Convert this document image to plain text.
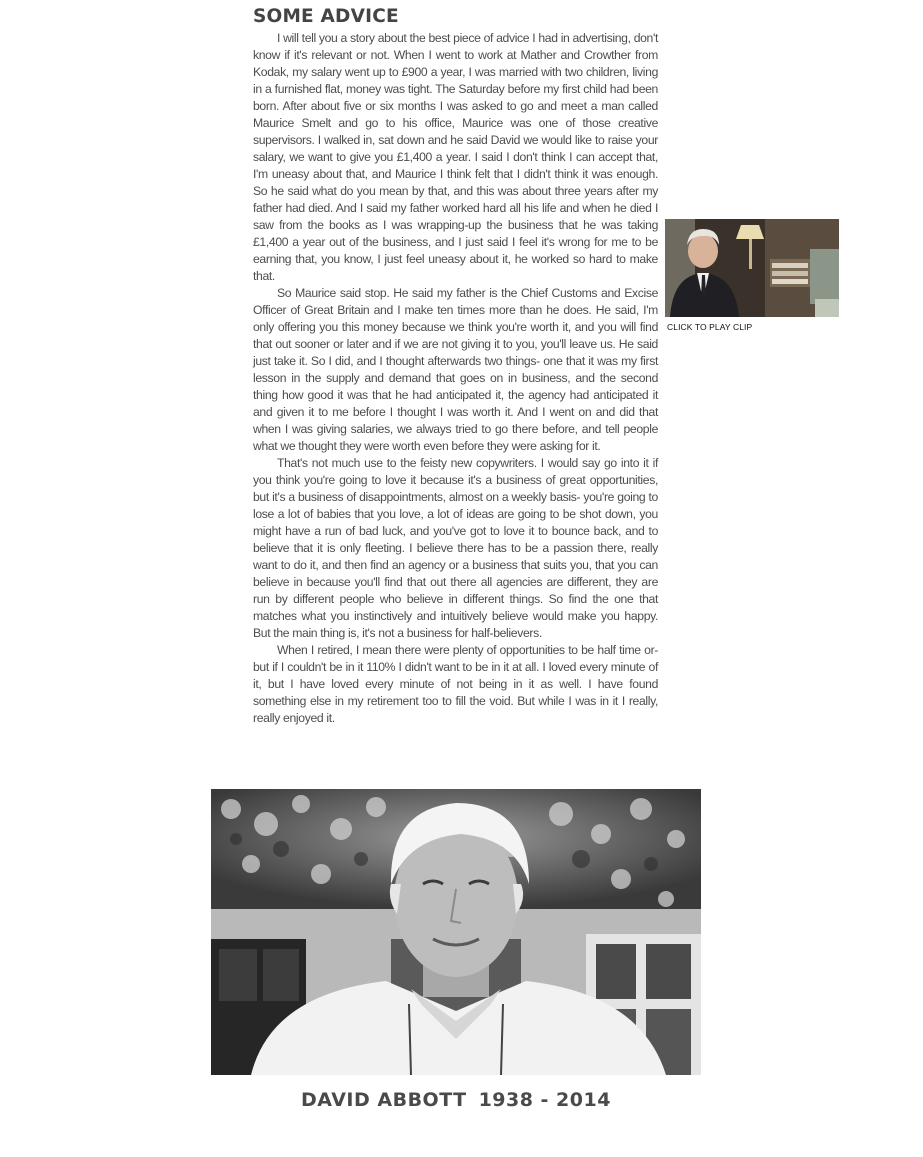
SOME ADVICE

I will tell you a story about the best piece of advice I had in advertising, don't know if it's relevant or not. When I went to work at Mather and Crowther from Kodak, my salary went up to £900 a year, I was married with two children, living in a furnished flat, money was tight. The Saturday before my first child had been born. After about five or six months I was asked to go and meet a man called Maurice Smelt and go to his office, Maurice was one of those creative supervisors. I walked in, sat down and he said David we would like to raise your salary, we want to give you £1,400 a year. I said I don't think I can accept that, I'm uneasy about that, and Maurice I think felt that I didn't think it was enough. So he said what do you mean by that, and this was about three years after my father had died. And I said my father worked hard all his life and when he died I saw from the books as I was wrapping-up the business that he was taking £1,400 a year out of the business, and I just said I feel it's wrong for me to be earning that, you know, I just feel uneasy about it, he worked so hard to make that.

So Maurice said stop. He said my father is the Chief Customs and Excise Officer of Great Britain and I make ten times more than he does. He said, I'm only offering you this money because we think you're worth it, and you will find that out sooner or later and if we are not giving it to you, you'll leave us. He said just take it. So I did, and I thought afterwards two things- one that it was my first lesson in the supply and demand that goes on in business, and the second thing how good it was that he had anticipated it, the agency had anticipated it and given it to me before I thought I was worth it. And I went on and did that when I was giving salaries, we always tried to go there before, and tell people what we thought they were worth even before they were asking for it.

That's not much use to the feisty new copywriters. I would say go into it if you think you're going to love it because it's a business of great opportunities, but it's a business of disappointments, almost on a weekly basis- you're going to lose a lot of babies that you love, a lot of ideas are going to be shot down, you might have a run of bad luck, and you've got to love it to bounce back, and to believe that it is only fleeting. I believe there has to be a passion there, really want to do it, and then find an agency or a business that suits you, that you can believe in because you'll find that out there all agencies are different, they are run by different people who believe in different things. So find the one that matches what you instinctively and intuitively believe would make you happy. But the main thing is, it's not a business for half-believers.

When I retired, I mean there were plenty of opportunities to be half time or- but if I couldn't be in it 110% I didn't want to be in it at all. I loved every minute of it, but I have loved every minute of not being in it as well. I have found something else in my retirement too to fill the void. But while I was in it I really, really enjoyed it.

CLICK TO PLAY CLIP

DAVID ABBOTT 1938 - 2014
